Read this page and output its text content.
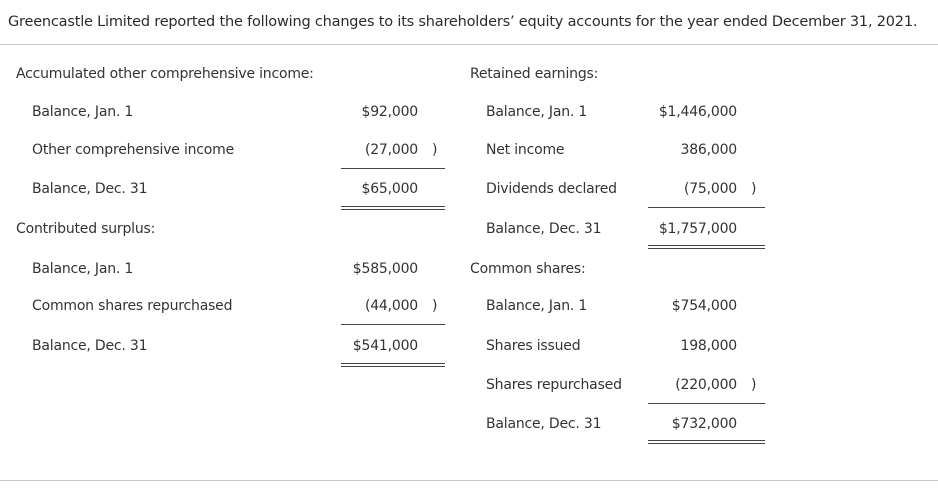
Greencastle Limited reported the following changes to its shareholders’ equity accounts for the year ended December 31, 2021.
Accumulated other comprehensive income:
Balance, Jan. 1	$92,000
Other comprehensive income	(27,000 )
Balance, Dec. 31	$65,000
Contributed surplus:
Balance, Jan. 1	$585,000
Common shares repurchased	(44,000 )
Balance, Dec. 31	$541,000
Retained earnings:
Balance, Jan. 1	$1,446,000
Net income	386,000
Dividends declared	(75,000 )
Balance, Dec. 31	$1,757,000
Common shares:
Balance, Jan. 1	$754,000
Shares issued	198,000
Shares repurchased	(220,000 )
Balance, Dec. 31	$732,000
